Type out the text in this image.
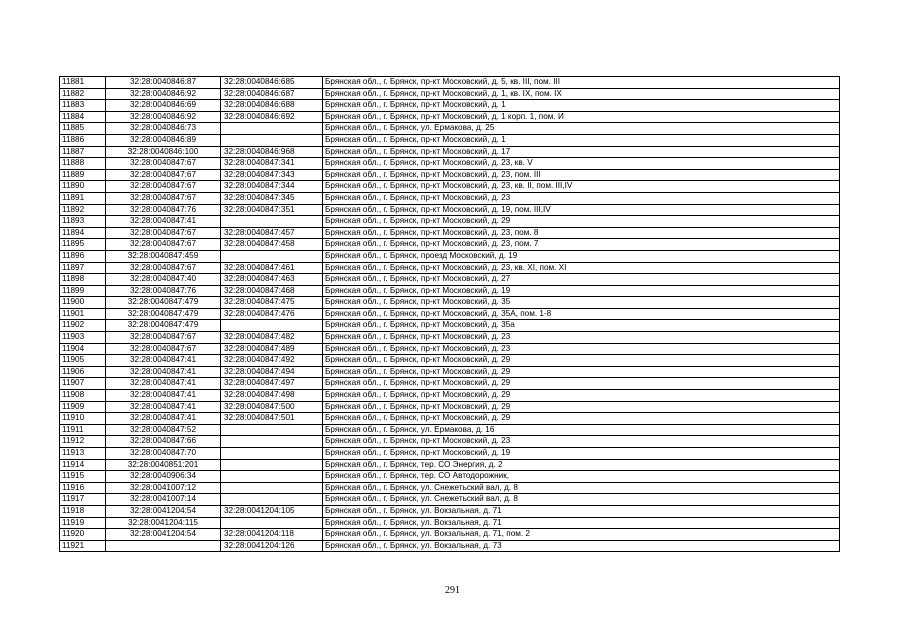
11881	32:28:0040846:87	32:28:0040846:685	Брянская обл., г. Брянск, пр-кт Московский, д. 5, кв. III, пом. III
11882	32:28:0040846:92	32:28:0040846:687	Брянская обл., г. Брянск, пр-кт Московский, д. 1, кв. IX, пом. IX
11883	32:28:0040846:69	32:28:0040846:688	Брянская обл., г. Брянск, пр-кт Московский, д. 1
11884	32:28:0040846:92	32:28:0040846:692	Брянская обл., г. Брянск, пр-кт Московский, д. 1 корп. 1, пом. И
11885	32:28:0040846:73		Брянская обл., г. Брянск, ул. Ермакова, д. 25
11886	32:28:0040846:89		Брянская обл., г. Брянск, пр-кт Московский, д. 1
11887	32:28:0040846:100	32:28:0040846:968	Брянская обл., г. Брянск, пр-кт Московский, д. 17
11888	32:28:0040847:67	32:28:0040847:341	Брянская обл., г. Брянск, пр-кт Московский, д. 23, кв. V
11889	32:28:0040847:67	32:28:0040847:343	Брянская обл., г. Брянск, пр-кт Московский, д. 23, пом. III
11890	32:28:0040847:67	32:28:0040847:344	Брянская обл., г. Брянск, пр-кт Московский, д. 23, кв. II, пом. III,IV
11891	32:28:0040847:67	32:28:0040847:345	Брянская обл., г. Брянск, пр-кт Московский, д. 23
11892	32:28:0040847:76	32:28:0040847:351	Брянская обл., г. Брянск, пр-кт Московский, д. 19, пом. III,IV
11893	32:28:0040847:41		Брянская обл., г. Брянск, пр-кт Московский, д. 29
11894	32:28:0040847:67	32:28:0040847:457	Брянская обл., г. Брянск, пр-кт Московский, д. 23, пом. 8
11895	32:28:0040847:67	32:28:0040847:458	Брянская обл., г. Брянск, пр-кт Московский, д. 23, пом. 7
11896	32:28:0040847:459		Брянская обл., г. Брянск, проезд Московский, д. 19
11897	32:28:0040847:67	32:28:0040847:461	Брянская обл., г. Брянск, пр-кт Московский, д. 23, кв. XI, пом. XI
11898	32:28:0040847:40	32:28:0040847:463	Брянская обл., г. Брянск, пр-кт Московский, д. 27
11899	32:28:0040847:76	32:28:0040847:468	Брянская обл., г. Брянск, пр-кт Московский, д. 19
11900	32:28:0040847:479	32:28:0040847:475	Брянская обл., г. Брянск, пр-кт Московский, д. 35
11901	32:28:0040847:479	32:28:0040847:476	Брянская обл., г. Брянск, пр-кт Московский, д. 35А, пом. 1-8
11902	32:28:0040847:479		Брянская обл., г. Брянск, пр-кт Московский, д. 35а
11903	32:28:0040847:67	32:28:0040847:482	Брянская обл., г. Брянск, пр-кт Московский, д. 23
11904	32:28:0040847:67	32:28:0040847:489	Брянская обл., г. Брянск, пр-кт Московский, д. 23
11905	32:28:0040847:41	32:28:0040847:492	Брянская обл., г. Брянск, пр-кт Московский, д. 29
11906	32:28:0040847:41	32:28:0040847:494	Брянская обл., г. Брянск, пр-кт Московский, д. 29
11907	32:28:0040847:41	32:28:0040847:497	Брянская обл., г. Брянск, пр-кт Московский, д. 29
11908	32:28:0040847:41	32:28:0040847:498	Брянская обл., г. Брянск, пр-кт Московский, д. 29
11909	32:28:0040847:41	32:28:0040847:500	Брянская обл., г. Брянск, пр-кт Московский, д. 29
11910	32:28:0040847:41	32:28:0040847:501	Брянская обл., г. Брянск, пр-кт Московский, д. 29
11911	32:28:0040847:52		Брянская обл., г. Брянск, ул. Ермакова, д. 16
11912	32:28:0040847:66		Брянская обл., г. Брянск, пр-кт Московский, д. 23
11913	32:28:0040847:70		Брянская обл., г. Брянск, пр-кт Московский, д. 19
11914	32:28:0040851:201		Брянская обл., г. Брянск, тер. СО Энергия, д. 2
11915	32:28:0040906:34		Брянская обл., г. Брянск, тер. СО Автодорожник,
11916	32:28:0041007:12		Брянская обл., г. Брянск, ул. Снежетьский вал, д. 8
11917	32:28:0041007:14		Брянская обл., г. Брянск, ул. Снежетьский вал, д. 8
11918	32:28:0041204:54	32:28:0041204:105	Брянская обл., г. Брянск, ул. Вокзальная, д. 71
11919	32:28:0041204:115		Брянская обл., г. Брянск, ул. Вокзальная, д. 71
11920	32:28:0041204:54	32:28:0041204:118	Брянская обл., г. Брянск, ул. Вокзальная, д. 71, пом. 2
11921		32:28:0041204:126	Брянская обл., г. Брянск, ул. Вокзальная, д. 73
291
